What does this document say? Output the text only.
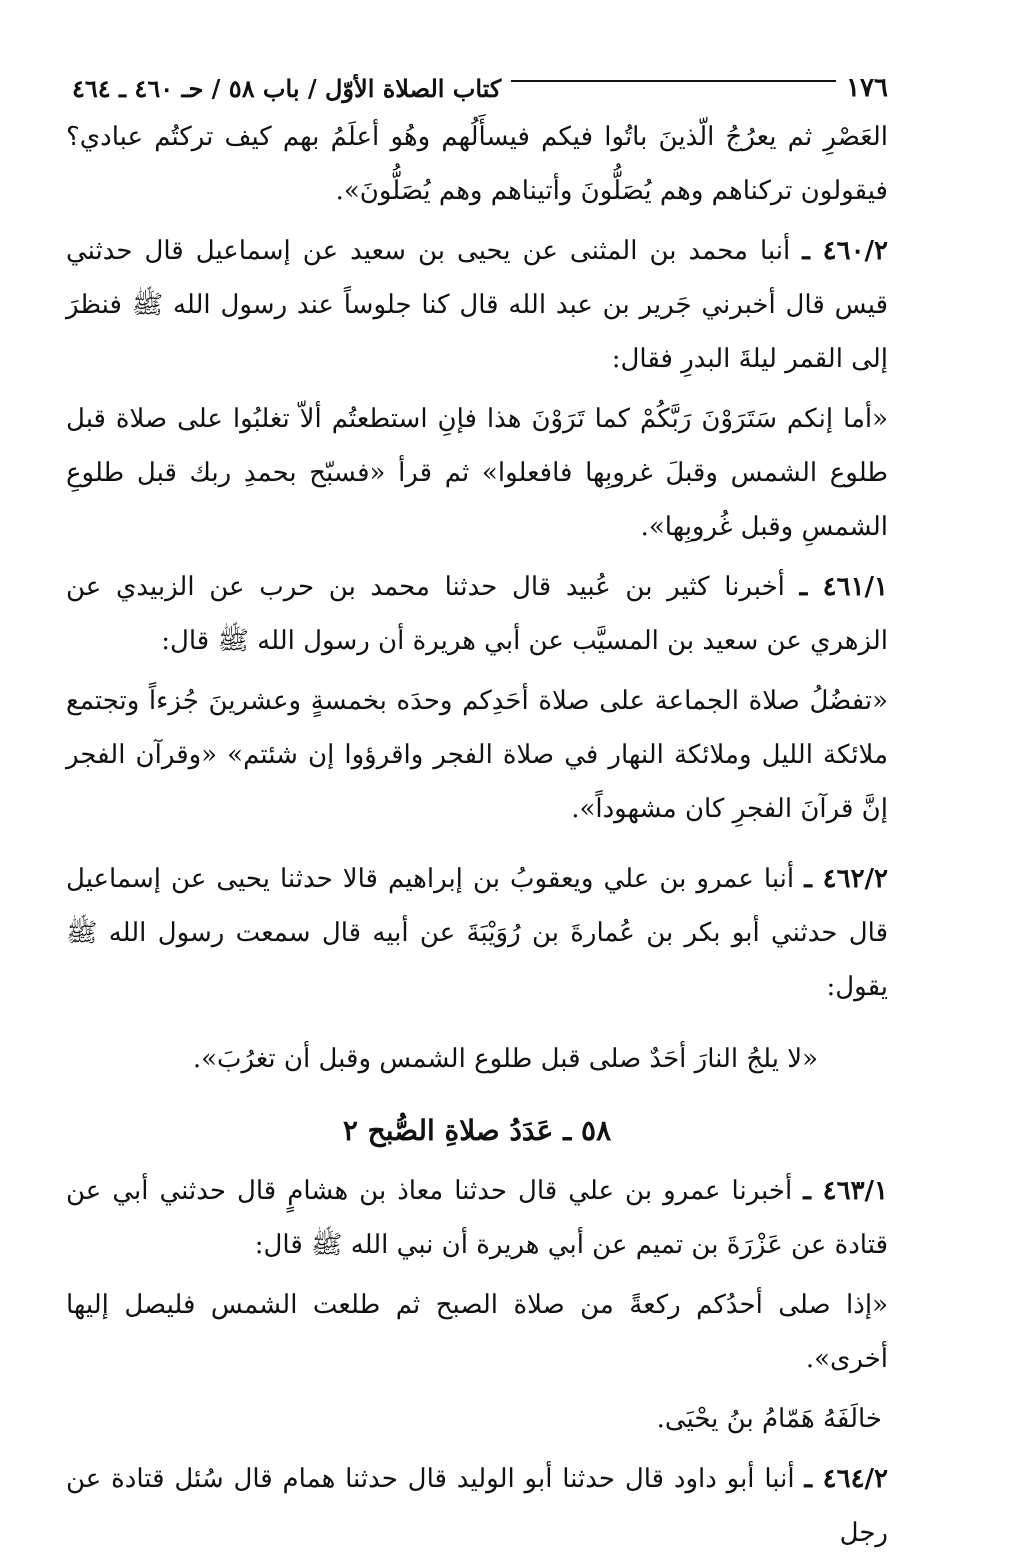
١٧٦
كتاب الصلاة الأوّل / باب ٥٨ / حـ ٤٦٠ ـ ٤٦٤

العَصْرِ ثم يعرُجُ الّذينَ باتُوا فيكم فيسأَلُهم وهُو أعلَمُ بهم كيف تركتُم عبادي؟ فيقولون تركناهم وهم يُصَلُّونَ وأتيناهم وهم يُصَلُّونَ».

٤٦٠/٢ ـ أنبا محمد بن المثنى عن يحيى بن سعيد عن إسماعيل قال حدثني قيس قال أخبرني جَرير بن عبد الله قال كنا جلوساً عند رسول الله ﷺ فنظرَ إلى القمر ليلةَ البدرِ فقال:

«أما إنكم سَتَرَوْنَ رَبَّكُمْ كما تَرَوْنَ هذا فإنِ استطعتُم ألاّ تغلبُوا على صلاة قبل طلوع الشمس وقبلَ غروبِها فافعلوا» ثم قرأ «فسبّح بحمدِ ربك قبل طلوعِ الشمسِ وقبل غُروبِها».

٤٦١/١ ـ أخبرنا كثير بن عُبيد قال حدثنا محمد بن حرب عن الزبيدي عن الزهري عن سعيد بن المسيَّب عن أبي هريرة أن رسول الله ﷺ قال:

«تفضُلُ صلاة الجماعة على صلاة أحَدِكم وحدَه بخمسةٍ وعشرينَ جُزءاً وتجتمع ملائكة الليل وملائكة النهار في صلاة الفجر واقرؤوا إن شئتم» «وقرآن الفجر إنَّ قرآنَ الفجرِ كان مشهوداً».

٤٦٢/٢ ـ أنبا عمرو بن علي ويعقوبُ بن إبراهيم قالا حدثنا يحيى عن إسماعيل قال حدثني أبو بكر بن عُمارةَ بن رُوَيْبَةَ عن أبيه قال سمعت رسول الله ﷺ يقول:

«لا يلجُ النارَ أحَدٌ صلى قبل طلوع الشمس وقبل أن تغرُبَ».

٥٨ ـ عَدَدُ صلاةِ الصُّبح ٢

٤٦٣/١ ـ أخبرنا عمرو بن علي قال حدثنا معاذ بن هشامٍ قال حدثني أبي عن قتادة عن عَزْرَةَ بن تميم عن أبي هريرة أن نبي الله ﷺ قال:

«إذا صلى أحدُكم ركعةً من صلاة الصبح ثم طلعت الشمس فليصل إليها أخرى».

خالَفَهُ هَمّامُ بنُ يحْيَى.

٤٦٤/٢ ـ أنبا أبو داود قال حدثنا أبو الوليد قال حدثنا همام قال سُئل قتادة عن رجل
